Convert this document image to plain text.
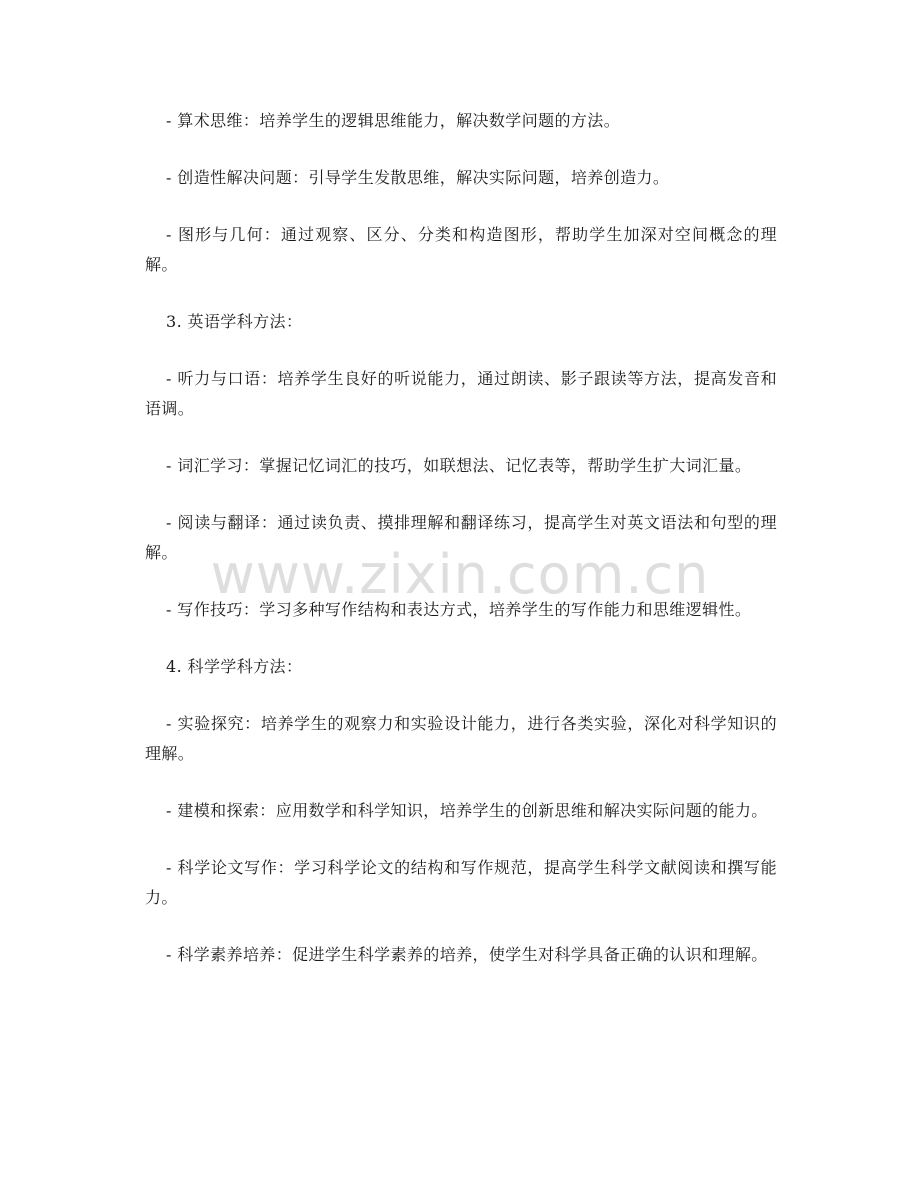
- 算术思维：培养学生的逻辑思维能力，解决数学问题的方法。

- 创造性解决问题：引导学生发散思维，解决实际问题，培养创造力。

- 图形与几何：通过观察、区分、分类和构造图形，帮助学生加深对空间概念的理解。

3. 英语学科方法：

- 听力与口语：培养学生良好的听说能力，通过朗读、影子跟读等方法，提高发音和语调。

- 词汇学习：掌握记忆词汇的技巧，如联想法、记忆表等，帮助学生扩大词汇量。

- 阅读与翻译：通过读负责、摸排理解和翻译练习，提高学生对英文语法和句型的理解。

- 写作技巧：学习多种写作结构和表达方式，培养学生的写作能力和思维逻辑性。

4. 科学学科方法：

- 实验探究：培养学生的观察力和实验设计能力，进行各类实验，深化对科学知识的理解。

- 建模和探索：应用数学和科学知识，培养学生的创新思维和解决实际问题的能力。

- 科学论文写作：学习科学论文的结构和写作规范，提高学生科学文献阅读和撰写能力。

- 科学素养培养：促进学生科学素养的培养，使学生对科学具备正确的认识和理解。

www.zixin.com.cn
